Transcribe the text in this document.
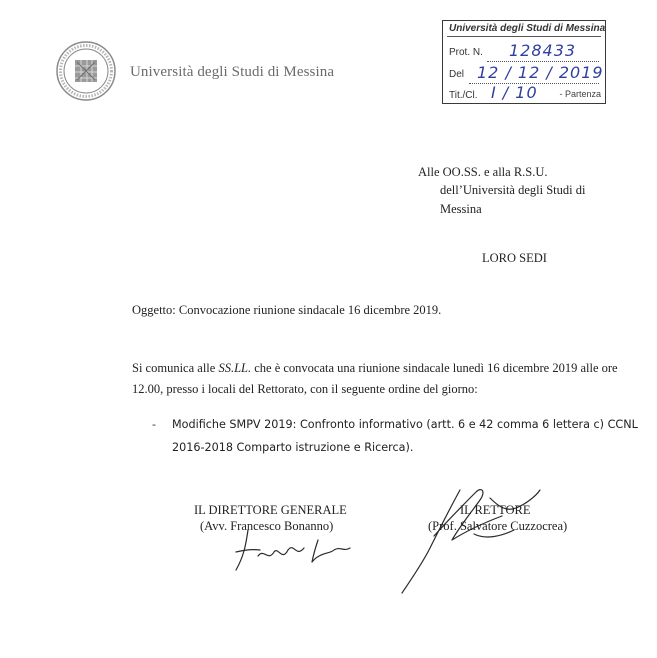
Università degli Studi di Messina
Università degli Studi di Messina
Prot. N. 128433
Del 12 / 12 / 2019
Tit./Cl. I / 10 - Partenza
Alle OO.SS. e alla R.S.U.
dell’Università degli Studi di
Messina
LORO SEDI
Oggetto: Convocazione riunione sindacale 16 dicembre 2019.
Si comunica alle SS.LL. che è convocata una riunione sindacale lunedì 16 dicembre 2019 alle ore
12.00, presso i locali del Rettorato, con il seguente ordine del giorno:
- Modifiche SMPV 2019: Confronto informativo (artt. 6 e 42 comma 6 lettera c) CCNL
2016-2018 Comparto istruzione e Ricerca).
IL DIRETTORE GENERALE
(Avv. Francesco Bonanno)
IL RETTORE
(Prof. Salvatore Cuzzocrea)
